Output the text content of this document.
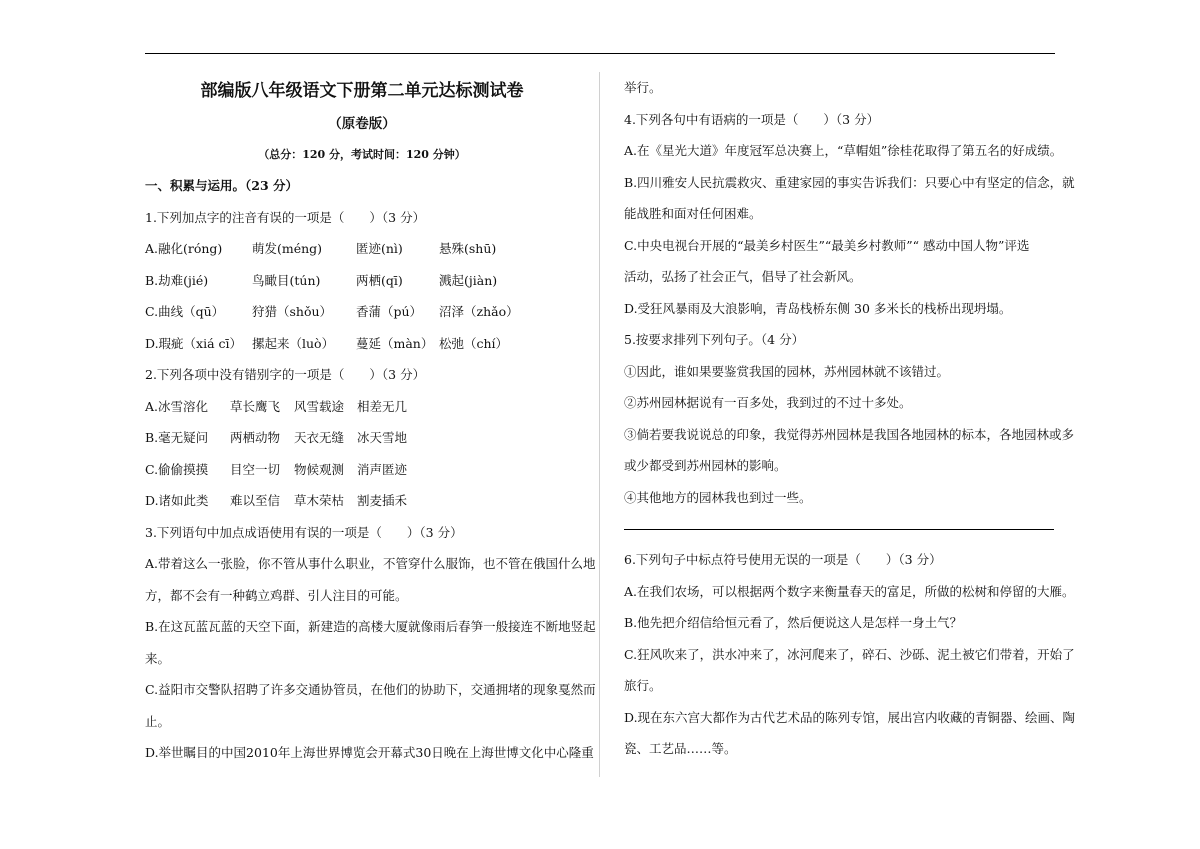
部编版八年级语文下册第二单元达标测试卷
（原卷版）
（总分：120 分，考试时间：120 分钟）
一、积累与运用。（23 分）
1.下列加点字的注音有误的一项是（　　）（3 分）
A.融化(róng)	萌发(méng)	匿迹(nì)	悬殊(shū)
B.劫难(jié)	鸟瞰目(tún)	两栖(qī)	溅起(jiàn)
C.曲线（qū）	狩猎（shǒu）	香蒲（pú）	沼泽（zhǎo）
D.瑕疵（xiá cī） 摞起来（luò）	蔓延（màn） 松弛（chí）
2.下列各项中没有错别字的一项是（　　）（3 分）
A.冰雪溶化	草长鹰飞	风雪载途	相差无几
B.毫无疑问	两栖动物	天衣无缝	冰天雪地
C.偷偷摸摸	目空一切	物候观测	消声匿迹
D.诸如此类	难以至信	草木荣枯	割麦插禾
3.下列语句中加点成语使用有误的一项是（　　）（3 分）
A.带着这么一张脸，你不管从事什么职业，不管穿什么服饰，也不管在俄国什么地
方，都不会有一种鹤立鸡群、引人注目的可能。
B.在这瓦蓝瓦蓝的天空下面，新建造的高楼大厦就像雨后春笋一般接连不断地竖起
来。
C.益阳市交警队招聘了许多交通协管员，在他们的协助下，交通拥堵的现象戛然而
止。
D.举世瞩目的中国2010年上海世界博览会开幕式30日晚在上海世博文化中心隆重
举行。
4.下列各句中有语病的一项是（　　）（3 分）
A.在《星光大道》年度冠军总决赛上，“草帽姐”徐桂花取得了第五名的好成绩。
B.四川雅安人民抗震救灾、重建家园的事实告诉我们：只要心中有坚定的信念，就
能战胜和面对任何困难。
C.中央电视台开展的“最美乡村医生”“最美乡村教师”“ 感动中国人物”评选
活动，弘扬了社会正气，倡导了社会新风。
D.受狂风暴雨及大浪影响，青岛栈桥东侧 30 多米长的栈桥出现坍塌。
5.按要求排列下列句子。（4 分）
①因此，谁如果要鉴赏我国的园林，苏州园林就不该错过。
②苏州园林据说有一百多处，我到过的不过十多处。
③倘若要我说说总的印象，我觉得苏州园林是我国各地园林的标本，各地园林或多
或少都受到苏州园林的影响。
④其他地方的园林我也到过一些。
6.下列句子中标点符号使用无误的一项是（　　）（3 分）
A.在我们农场，可以根据两个数字来衡量春天的富足，所做的松树和停留的大雁。
B.他先把介绍信给恒元看了，然后便说这人是怎样一身土气？
C.狂风吹来了，洪水冲来了，冰河爬来了，碎石、沙砾、泥土被它们带着，开始了
旅行。
D.现在东六宫大都作为古代艺术品的陈列专馆，展出宫内收藏的青铜器、绘画、陶
瓷、工艺品……等。
